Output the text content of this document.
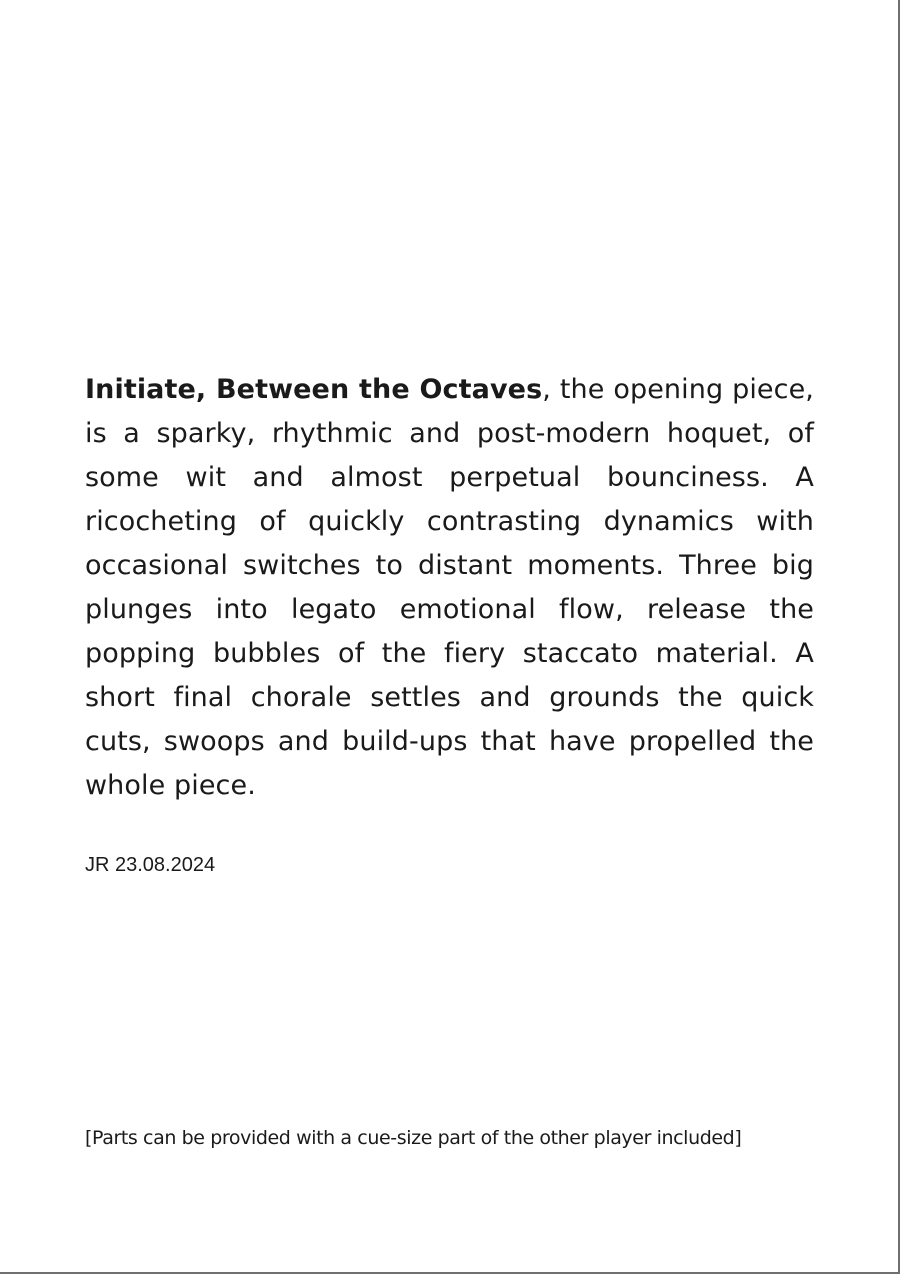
Initiate, Between the Octaves, the opening piece, is a sparky, rhythmic and post-modern hoquet, of some wit and almost perpetual bounciness. A ricocheting of quickly contrasting dynamics with occasional switches to distant moments. Three big plunges into legato emotional flow, release the popping bubbles of the fiery staccato material. A short final chorale settles and grounds the quick cuts, swoops and build-ups that have propelled the whole piece.

JR 23.08.2024

[Parts can be provided with a cue-size part of the other player included]
